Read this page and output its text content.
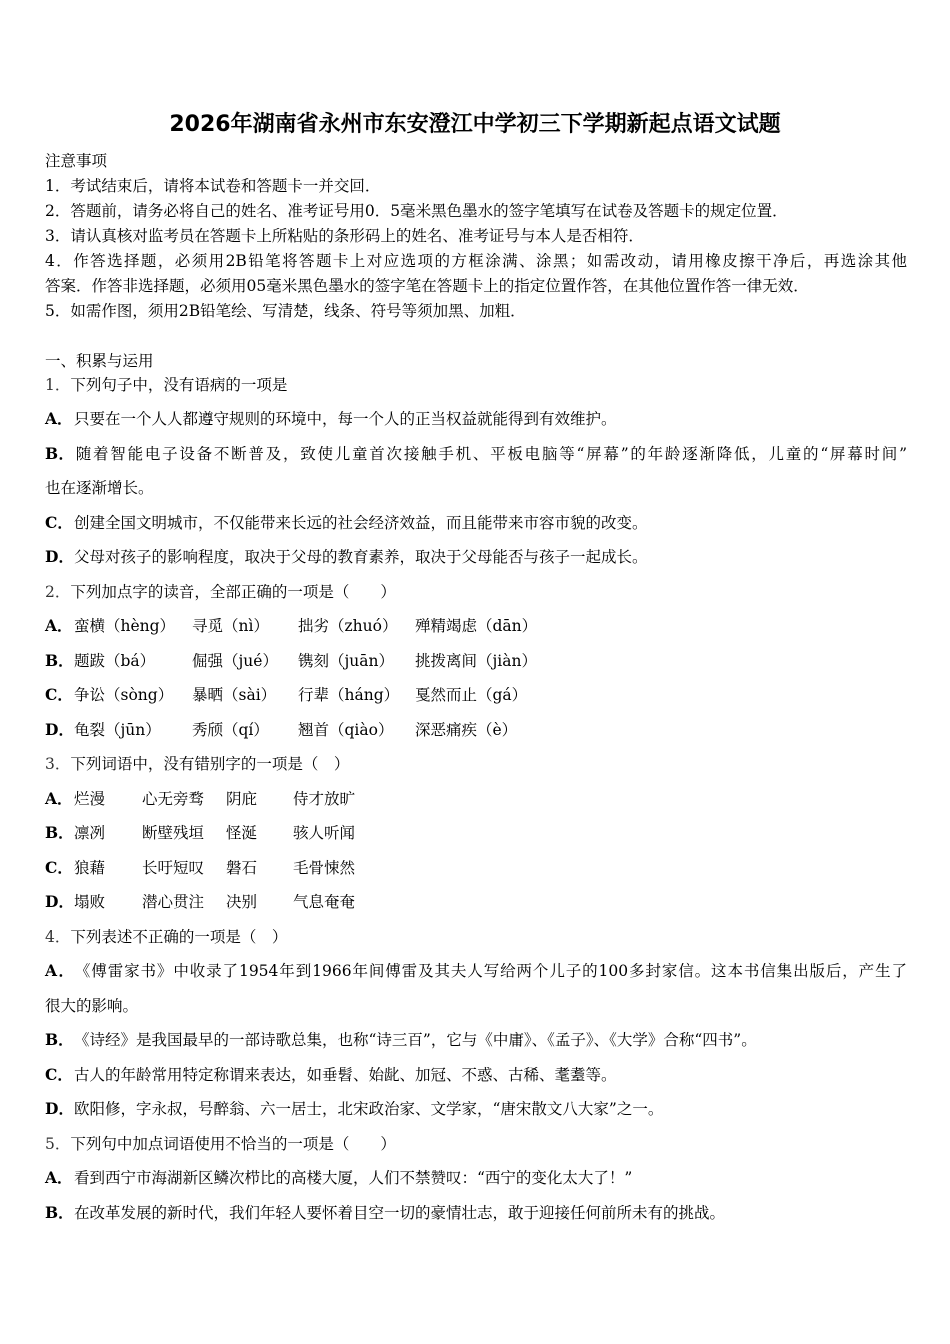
2026年湖南省永州市东安澄江中学初三下学期新起点语文试题
注意事项
1．考试结束后，请将本试卷和答题卡一并交回．
2．答题前，请务必将自己的姓名、准考证号用0．5毫米黑色墨水的签字笔填写在试卷及答题卡的规定位置．
3．请认真核对监考员在答题卡上所粘贴的条形码上的姓名、准考证号与本人是否相符．
4．作答选择题，必须用2B铅笔将答题卡上对应选项的方框涂满、涂黑；如需改动，请用橡皮擦干净后，再选涂其他
答案．作答非选择题，必须用05毫米黑色墨水的签字笔在答题卡上的指定位置作答，在其他位置作答一律无效．
5．如需作图，须用2B铅笔绘、写清楚，线条、符号等须加黑、加粗．
一、积累与运用
1．下列句子中，没有语病的一项是
A．只要在一个人人都遵守规则的环境中，每一个人的正当权益就能得到有效维护。
B．随着智能电子设备不断普及，致使儿童首次接触手机、平板电脑等“屏幕”的年龄逐渐降低，儿童的“屏幕时间”
也在逐渐增长。
C．创建全国文明城市，不仅能带来长远的社会经济效益，而且能带来市容市貌的改变。
D．父母对孩子的影响程度，取决于父母的教育素养，取决于父母能否与孩子一起成长。
2．下列加点字的读音，全部正确的一项是（　　）
A． 蛮横（hèng）	寻觅（nì）	拙劣（zhuó）	殚精竭虑（dān）
B． 题跋（bá）	倔强（jué）	镌刻（juān）	挑拨离间（jiàn）
C． 争讼（sòng）	暴晒（sài）	行辈（háng）	戛然而止（gá）
D． 龟裂（jūn）	秀颀（qí）	翘首（qiào）	深恶痛疾（è）
3．下列词语中，没有错别字的一项是（　）
A． 烂漫	心无旁骛	阴庇	侍才放旷
B． 凛冽	断壁残垣	怪涎	骇人听闻
C． 狼藉	长吁短叹	磐石	毛骨悚然
D． 塌败	潜心贯注	决别	气息奄奄
4．下列表述不正确的一项是（　）
A．《傅雷家书》中收录了1954年到1966年间傅雷及其夫人写给两个儿子的100多封家信。这本书信集出版后，产生了
很大的影响。
B．《诗经》是我国最早的一部诗歌总集，也称“诗三百”，它与《中庸》、《孟子》、《大学》合称“四书”。
C．古人的年龄常用特定称谓来表达，如垂髫、始龀、加冠、不惑、古稀、耄耋等。
D．欧阳修，字永叔，号醉翁、六一居士，北宋政治家、文学家，“唐宋散文八大家”之一。
5．下列句中加点词语使用不恰当的一项是（　　）
A．看到西宁市海湖新区鳞次栉比的高楼大厦，人们不禁赞叹：“西宁的变化太大了！”
B．在改革发展的新时代，我们年轻人要怀着目空一切的豪情壮志，敢于迎接任何前所未有的挑战。
